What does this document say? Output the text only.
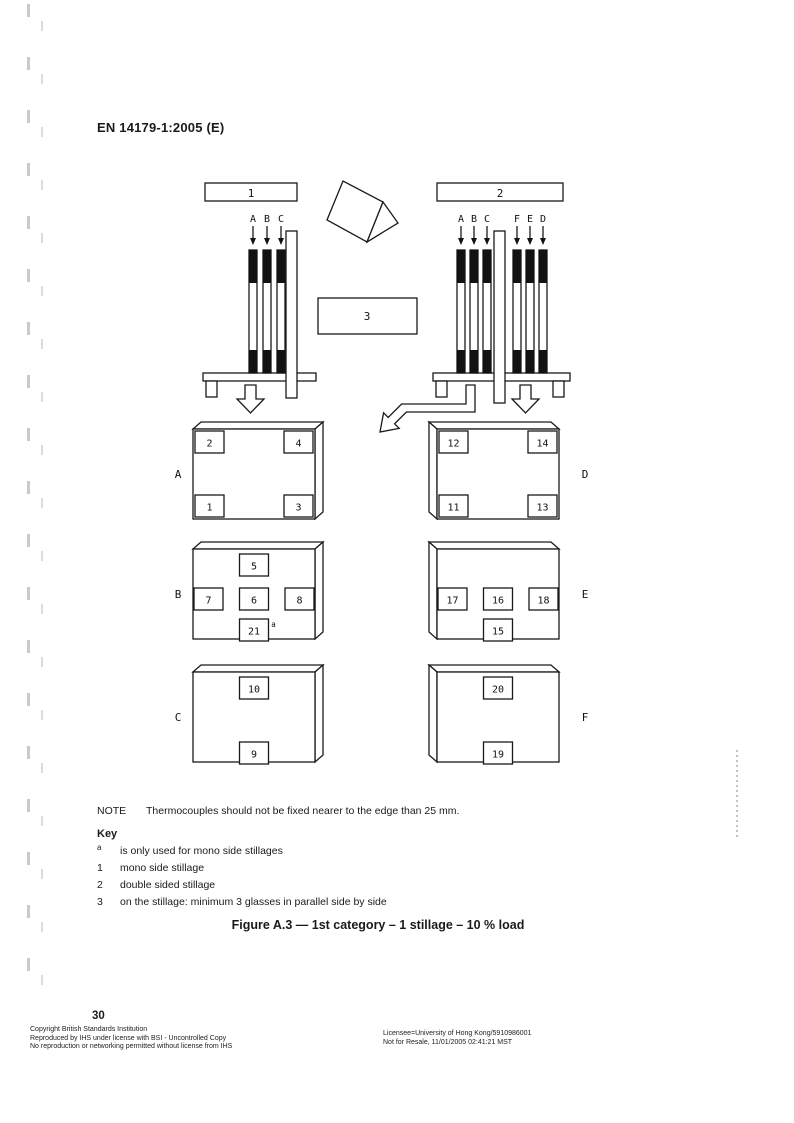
EN 14179-1:2005 (E)
1	2
3
A B C	A B C F E D
A
2	4
1	3
B
5
7	6	8
21
a
C
10
9
D
12	14
11	13
E
17	16	18
15
F
20
19
NOTE Thermocouples should not be fixed nearer to the edge than 25 mm.
Key
a	is only used for mono side stillages
1	mono side stillage
2	double sided stillage
3	on the stillage: minimum 3 glasses in parallel side by side
Figure A.3 — 1st category – 1 stillage – 10 % load
30
Copyright British Standards Institution
Reproduced by IHS under license with BSI - Uncontrolled Copy
No reproduction or networking permitted without license from IHS
Licensee=University of Hong Kong/5910986001
Not for Resale, 11/01/2005 02:41:21 MST
